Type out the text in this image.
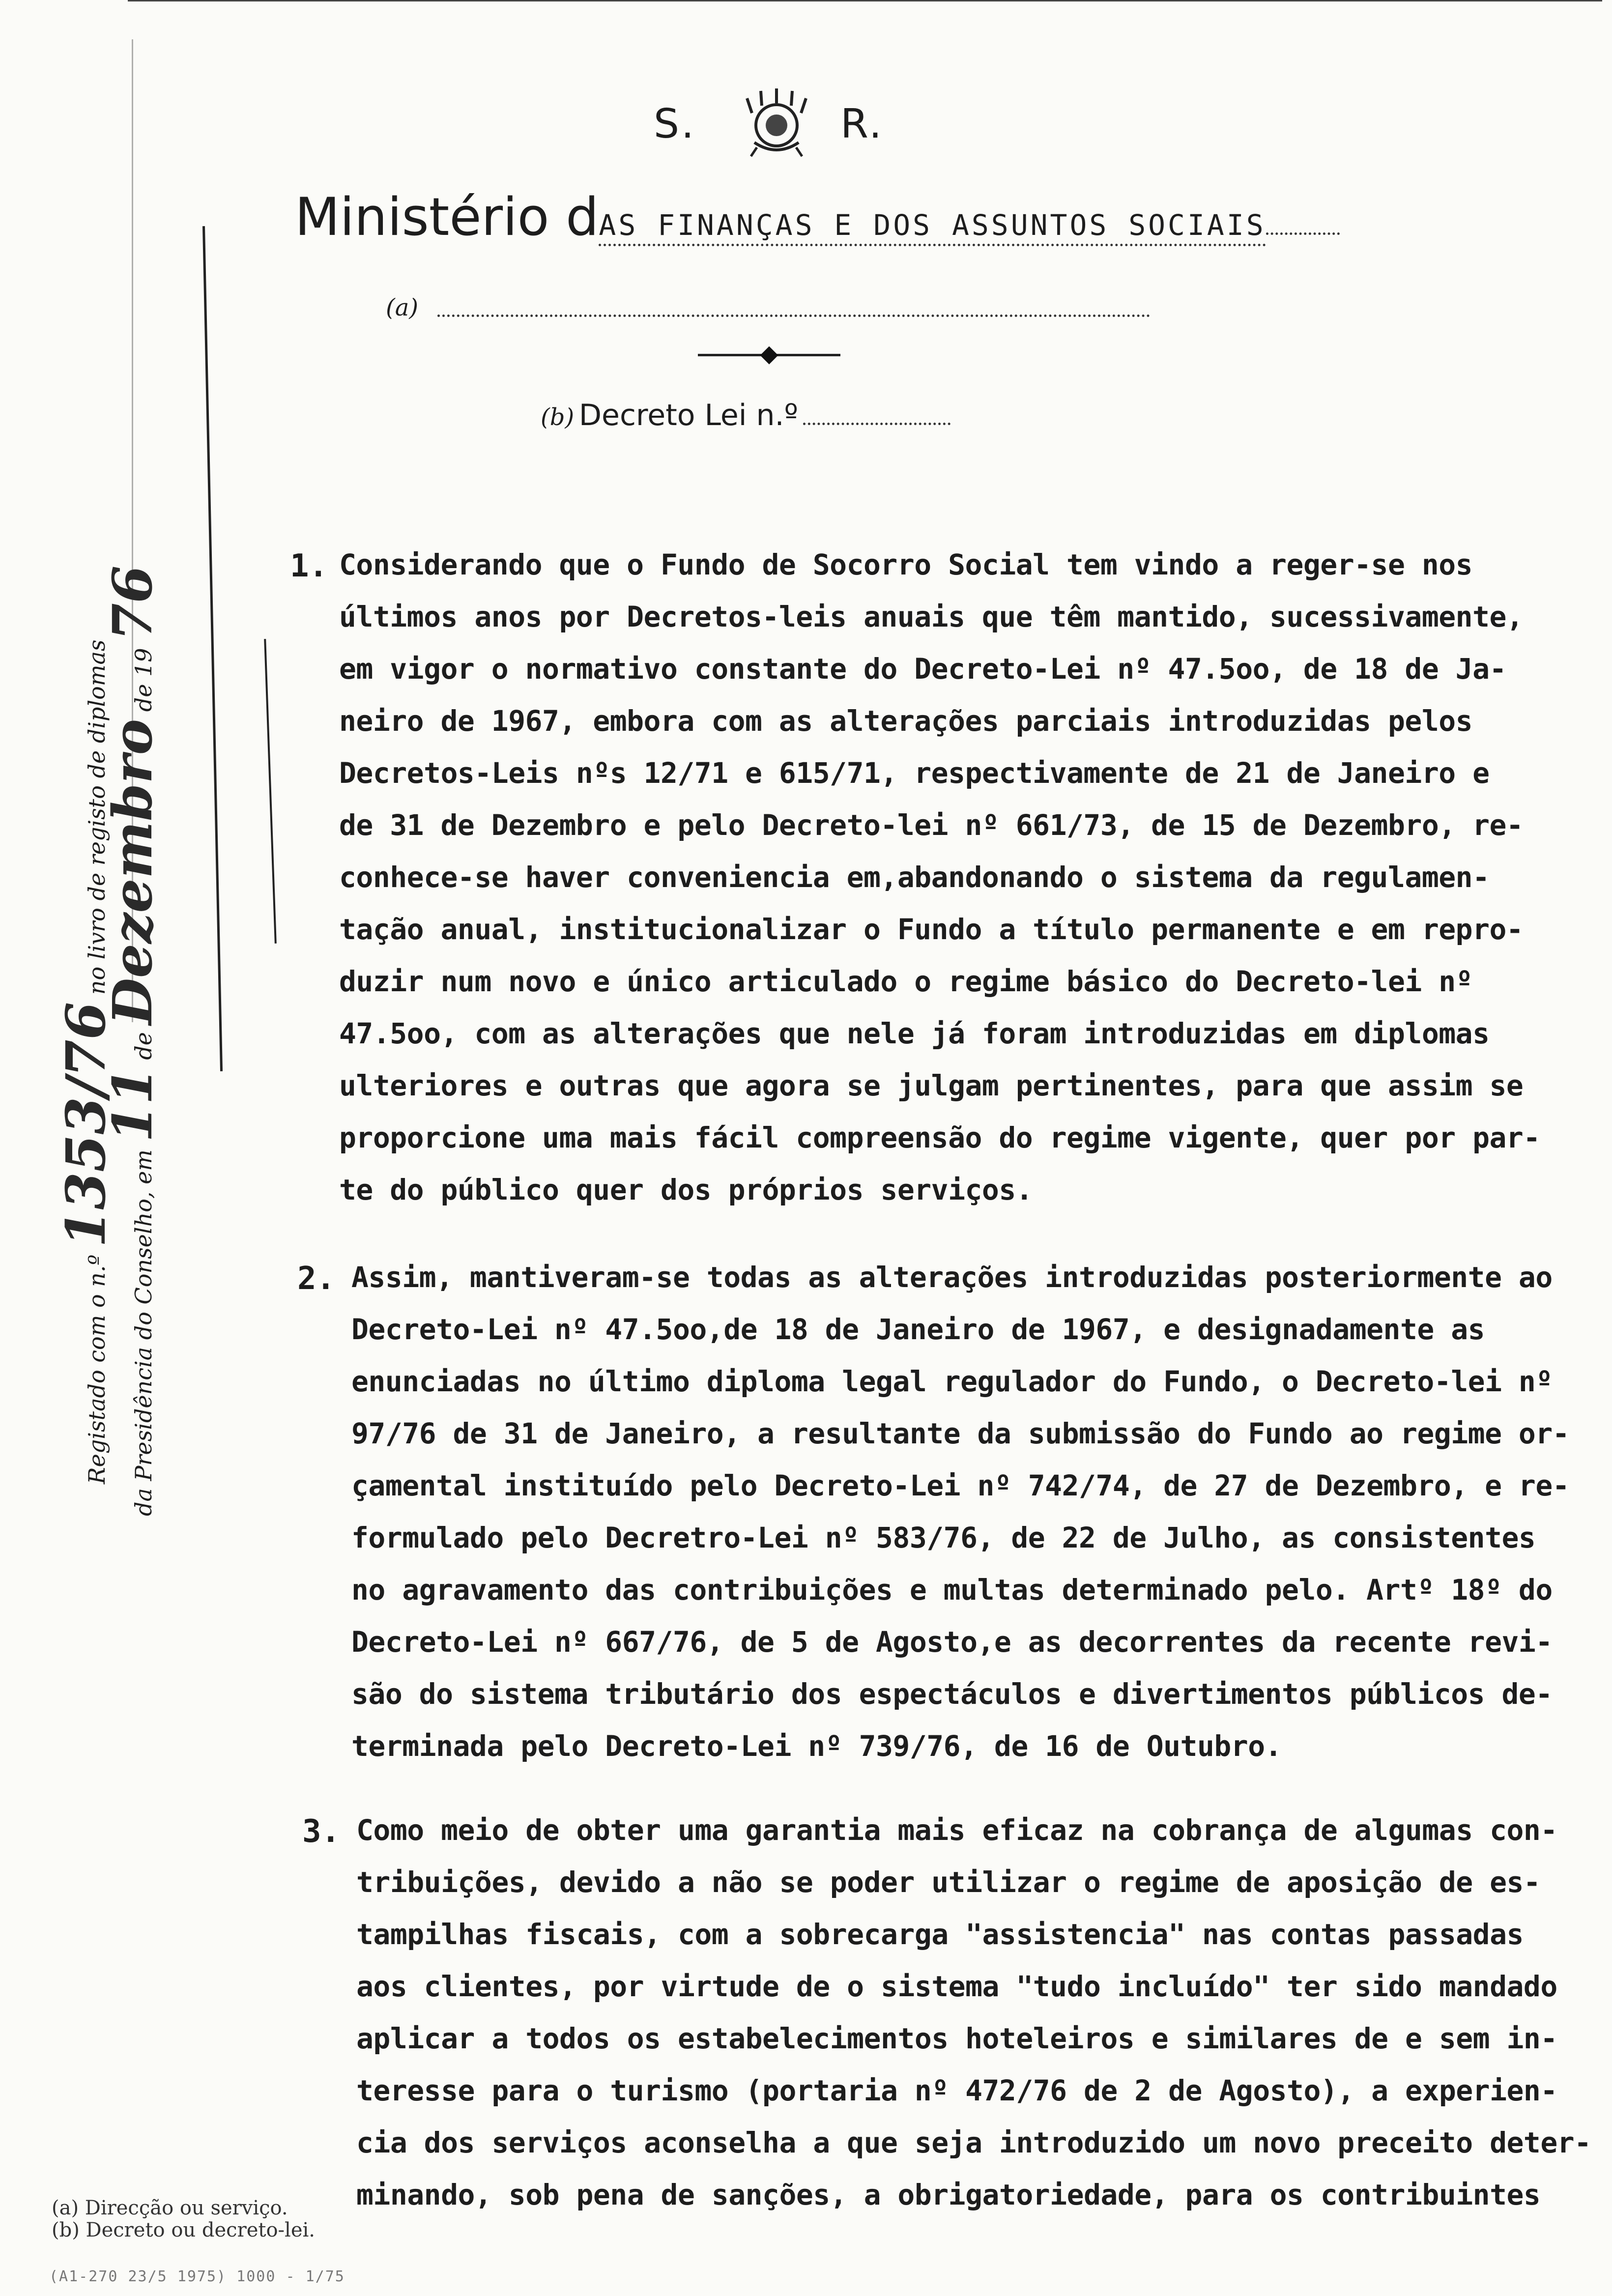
S.	R.
Ministério dAS FINANÇAS E DOS ASSUNTOS SOCIAIS
(a)
(b) Decreto Lei n.º
1. Considerando que o Fundo de Socorro Social tem vindo a reger-se nos
últimos anos por Decretos-leis anuais que têm mantido, sucessivamente,
em vigor o normativo constante do Decreto-Lei nº 47.5oo, de 18 de Ja-
neiro de 1967, embora com as alterações parciais introduzidas pelos
Decretos-Leis nºs 12/71 e 615/71, respectivamente de 21 de Janeiro e
de 31 de Dezembro e pelo Decreto-lei nº 661/73, de 15 de Dezembro, re-
conhece-se haver conveniencia em,abandonando o sistema da regulamen-
tação anual, institucionalizar o Fundo a título permanente e em repro-
duzir num novo e único articulado o regime básico do Decreto-lei nº
47.5oo, com as alterações que nele já foram introduzidas em diplomas
ulteriores e outras que agora se julgam pertinentes, para que assim se
proporcione uma mais fácil compreensão do regime vigente, quer por par-
te do público quer dos próprios serviços.
2. Assim, mantiveram-se todas as alterações introduzidas posteriormente ao
Decreto-Lei nº 47.5oo,de 18 de Janeiro de 1967, e designadamente as
enunciadas no último diploma legal regulador do Fundo, o Decreto-lei nº
97/76 de 31 de Janeiro, a resultante da submissão do Fundo ao regime or-
çamental instituído pelo Decreto-Lei nº 742/74, de 27 de Dezembro, e re-
formulado pelo Decretro-Lei nº 583/76, de 22 de Julho, as consistentes
no agravamento das contribuições e multas determinado pelo. Artº 18º do
Decreto-Lei nº 667/76, de 5 de Agosto,e as decorrentes da recente revi-
são do sistema tributário dos espectáculos e divertimentos públicos de-
terminada pelo Decreto-Lei nº 739/76, de 16 de Outubro.
3. Como meio de obter uma garantia mais eficaz na cobrança de algumas con-
tribuições, devido a não se poder utilizar o regime de aposição de es-
tampilhas fiscais, com a sobrecarga "assistencia" nas contas passadas
aos clientes, por virtude de o sistema "tudo incluído" ter sido mandado
aplicar a todos os estabelecimentos hoteleiros e similares de e sem in-
teresse para o turismo (portaria nº 472/76 de 2 de Agosto), a experien-
cia dos serviços aconselha a que seja introduzido um novo preceito deter-
minando, sob pena de sanções, a obrigatoriedade, para os contribuintes
Registado com o n.º 1353/76 no livro de registo de diplomas
da Presidência do Conselho, em 11 de Dezembro de 19 76
(a) Direcção ou serviço.
(b) Decreto ou decreto-lei.
(A1-270 23/5 1975) 1000 - 1/75
